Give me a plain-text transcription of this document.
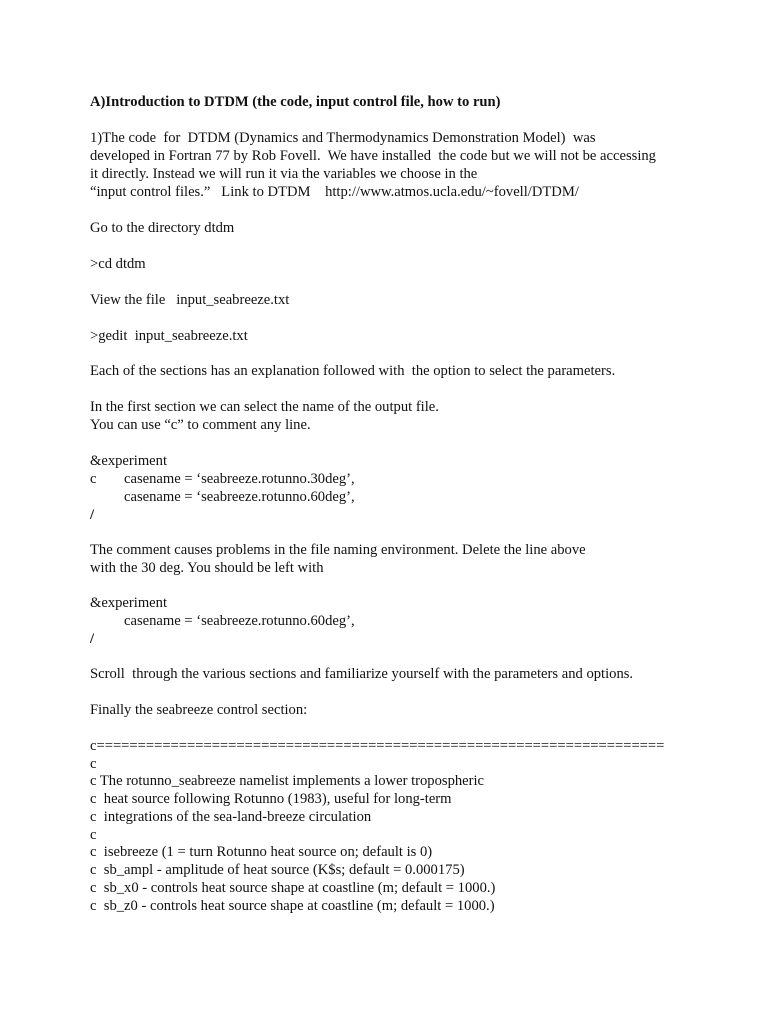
A)Introduction to DTDM (the code, input control file, how to run)

1)The code  for  DTDM (Dynamics and Thermodynamics Demonstration Model)  was

developed in Fortran 77 by Rob Fovell.  We have installed  the code but we will not be accessing

it directly. Instead we will run it via the variables we choose in the

“input control files.”   Link to DTDM    http://www.atmos.ucla.edu/~fovell/DTDM/

Go to the directory dtdm

>cd dtdm

View the file   input_seabreeze.txt

>gedit  input_seabreeze.txt

Each of the sections has an explanation followed with  the option to select the parameters.

In the first section we can select the name of the output file.

You can use “c” to comment any line.

&experiment

c casename = ‘seabreeze.rotunno.30deg’,

casename = ‘seabreeze.rotunno.60deg’,

/

The comment causes problems in the file naming environment. Delete the line above

with the 30 deg. You should be left with

&experiment

casename = ‘seabreeze.rotunno.60deg’,

/

Scroll  through the various sections and familiarize yourself with the parameters and options.

Finally the seabreeze control section:

c=====================================================================

c

c The rotunno_seabreeze namelist implements a lower tropospheric

c  heat source following Rotunno (1983), useful for long-term

c  integrations of the sea-land-breeze circulation

c

c  isebreeze (1 = turn Rotunno heat source on; default is 0)

c  sb_ampl - amplitude of heat source (K$s; default = 0.000175)

c  sb_x0 - controls heat source shape at coastline (m; default = 1000.)

c  sb_z0 - controls heat source shape at coastline (m; default = 1000.)
